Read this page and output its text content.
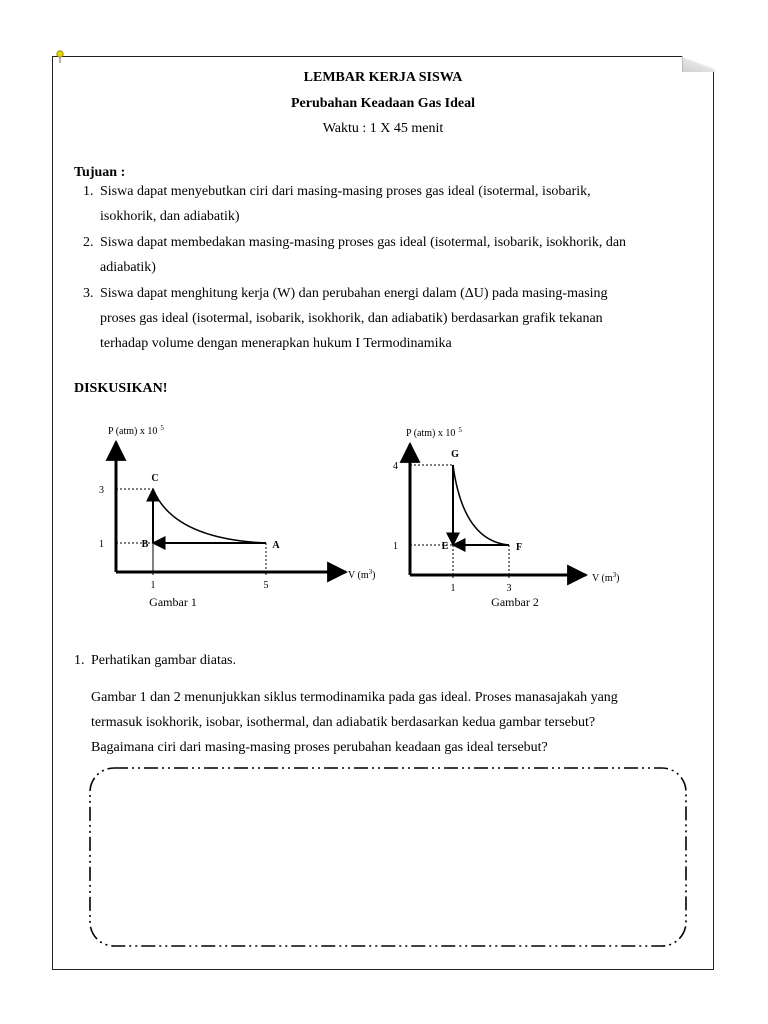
LEMBAR KERJA SISWA
Perubahan Keadaan Gas Ideal
Waktu : 1 X 45 menit
Tujuan :
1. Siswa dapat menyebutkan ciri dari masing-masing proses gas ideal (isotermal, isobarik,
isokhorik, dan adiabatik)
2. Siswa dapat membedakan masing-masing proses gas ideal (isotermal, isobarik, isokhorik, dan
adiabatik)
3. Siswa dapat menghitung kerja (W) dan perubahan energi dalam (ΔU) pada masing-masing
proses gas ideal (isotermal, isobarik, isokhorik, dan adiabatik) berdasarkan grafik tekanan
terhadap volume dengan menerapkan hukum I Termodinamika
DISKUSIKAN!
P (atm) x 10 $^5$
V $(m^3)$
1	5
3
1
C
B	A
Gambar 1
P (atm) x 10 $^5$
V $(m^3)$
1	3
4
1
G
E	F
Gambar 2
1. Perhatikan gambar diatas.
Gambar 1 dan 2 menunjukkan siklus termodinamika pada gas ideal. Proses manasajakah yang
termasuk isokhorik, isobar, isothermal, dan adiabatik berdasarkan kedua gambar tersebut?
Bagaimana ciri dari masing-masing proses perubahan keadaan gas ideal tersebut?
